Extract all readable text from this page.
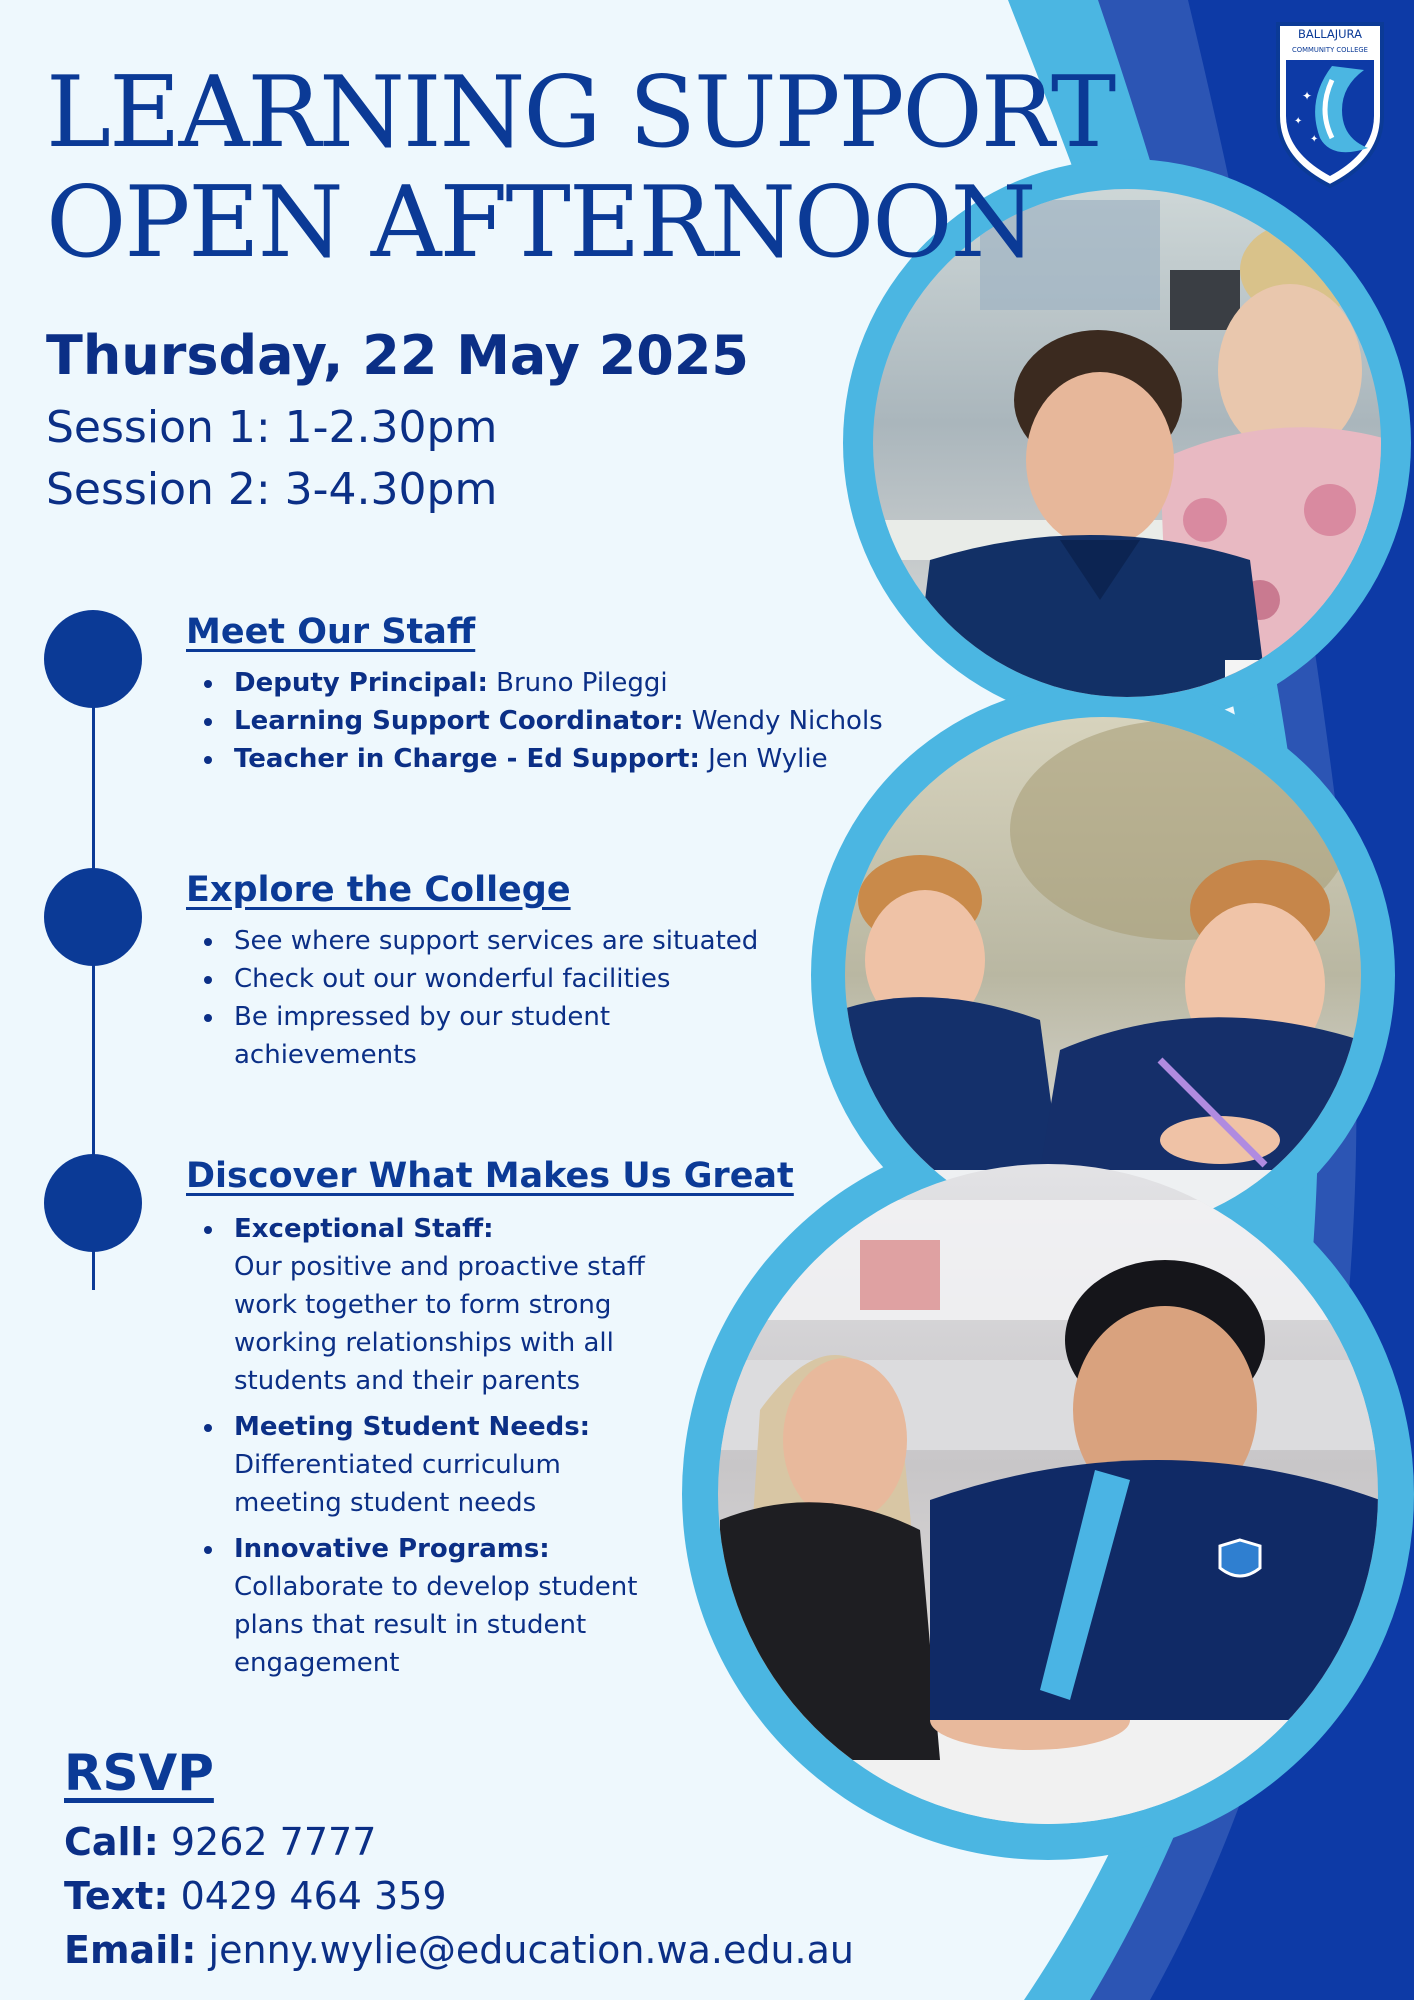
✦
✦
✦
BALLAJURA
COMMUNITY COLLEGE
LEARNING SUPPORT
OPEN AFTERNOON
Thursday, 22 May 2025
Session 1: 1-2.30pm
Session 2: 3-4.30pm
Meet Our Staff
Deputy Principal: Bruno Pileggi
Learning Support Coordinator: Wendy Nichols
Teacher in Charge - Ed Support: Jen Wylie
Explore the College
See where support services are situated
Check out our wonderful facilities
Be impressed by our student achievements
Discover What Makes Us Great
Exceptional Staff:
Our positive and proactive staff work together to form strong working relationships with all students and their parents
Meeting Student Needs:
Differentiated curriculum meeting student needs
Innovative Programs:
Collaborate to develop student plans that result in student engagement
RSVP
Call: 9262 7777
Text: 0429 464 359
Email: jenny.wylie@education.wa.edu.au
